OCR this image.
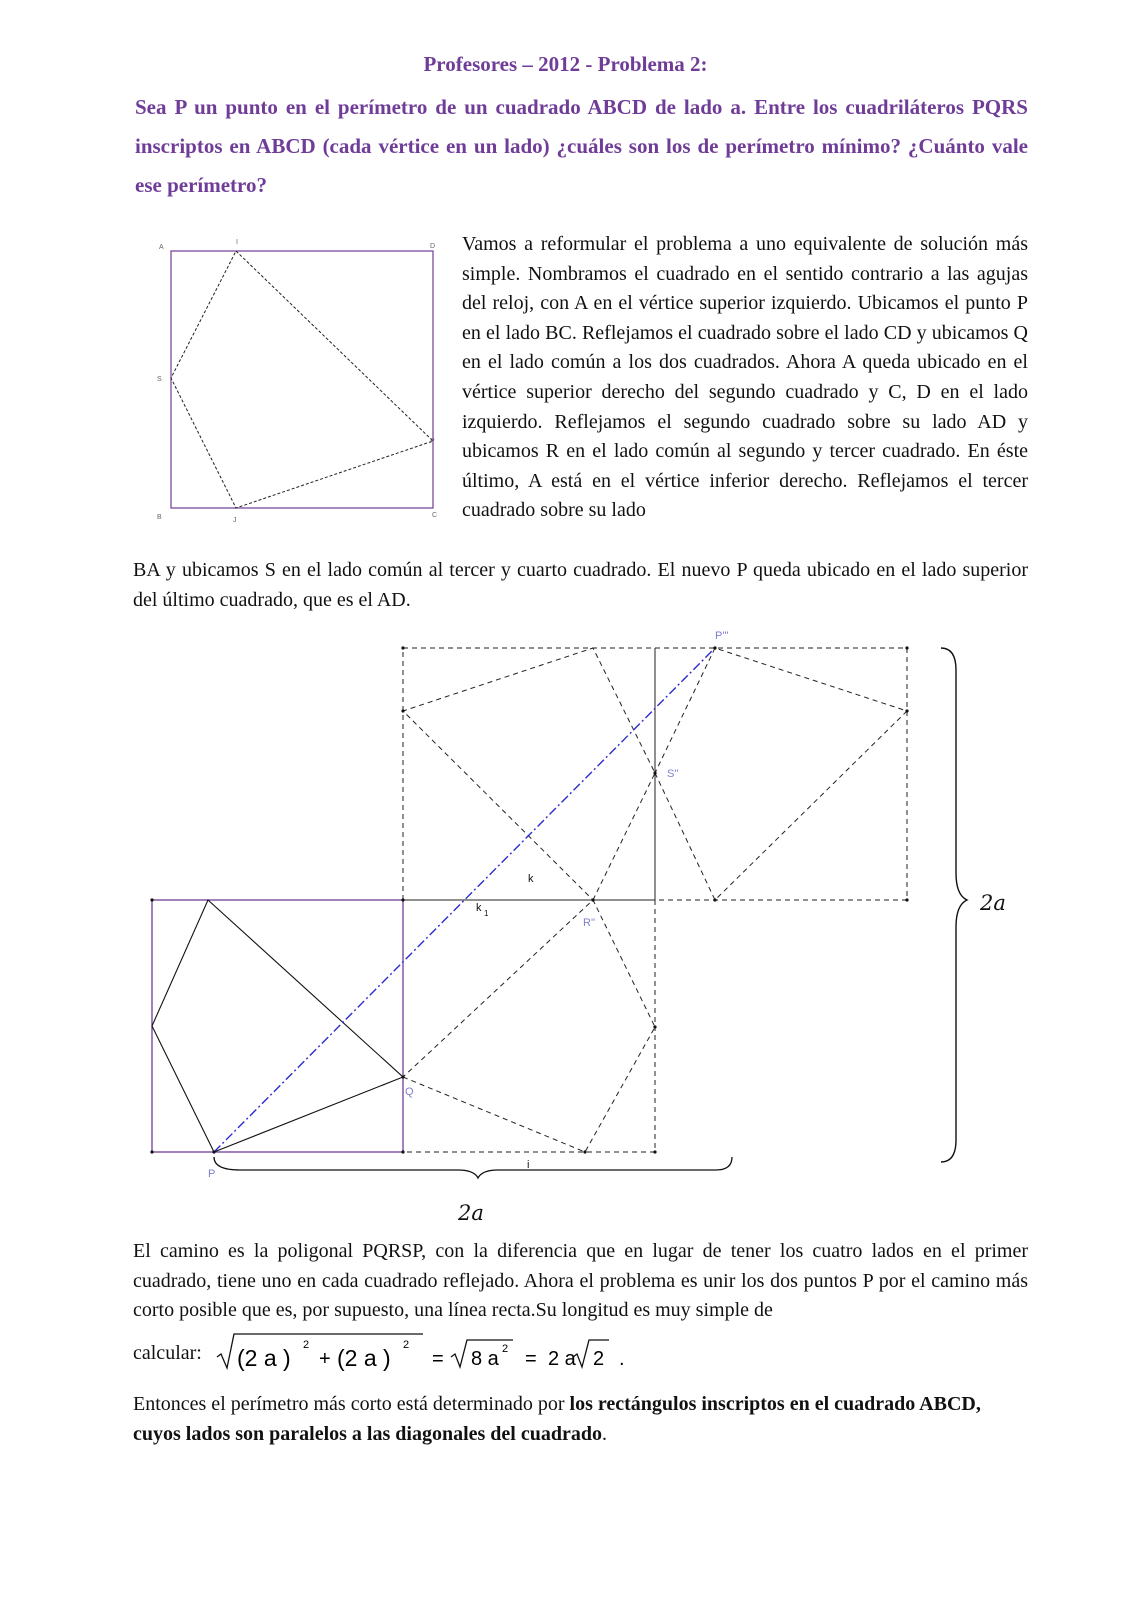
Profesores – 2012 - Problema 2:
Sea P un punto en el perímetro de un cuadrado ABCD de lado a. Entre los cuadriláteros PQRS inscriptos en ABCD (cada vértice en un lado) ¿cuáles son los de perímetro mínimo? ¿Cuánto vale ese perímetro?
A
I
D
S
P
B	J
C
Vamos a reformular el problema a uno equivalente de solución más simple. Nombramos el cuadrado en el sentido contrario a las agujas del reloj, con A en el vértice superior izquierdo. Ubicamos el punto P en el lado BC. Reflejamos el cuadrado sobre el lado CD y ubicamos Q en el lado común a los dos cuadrados. Ahora A queda ubicado en el vértice superior derecho del segundo cuadrado y C, D en el lado izquierdo. Reflejamos el segundo cuadrado sobre su lado AD y ubicamos R en el lado común al segundo y tercer cuadrado. En éste último, A está en el vértice inferior derecho. Reflejamos el tercer cuadrado sobre su lado
BA y ubicamos S en el lado común al tercer y cuarto cuadrado. El nuevo P queda ubicado en el lado superior del último cuadrado, que es el AD.
P
Q
R''
S''
P'''
k
k 1
i
2a
2a
El camino es la poligonal PQRSP, con la diferencia que en lugar de tener los cuatro lados en el primer cuadrado, tiene uno en cada cuadrado reflejado. Ahora el problema es unir los dos puntos P por el camino más corto posible que es, por supuesto, una línea recta.Su longitud es muy simple de
calcular: (2 a ) 2
+ (2 a ) 2
= 8 a 2 = 2 a 2 .
Entonces el perímetro más corto está determinado por los rectángulos inscriptos en el cuadrado ABCD, cuyos lados son paralelos a las diagonales del cuadrado.
